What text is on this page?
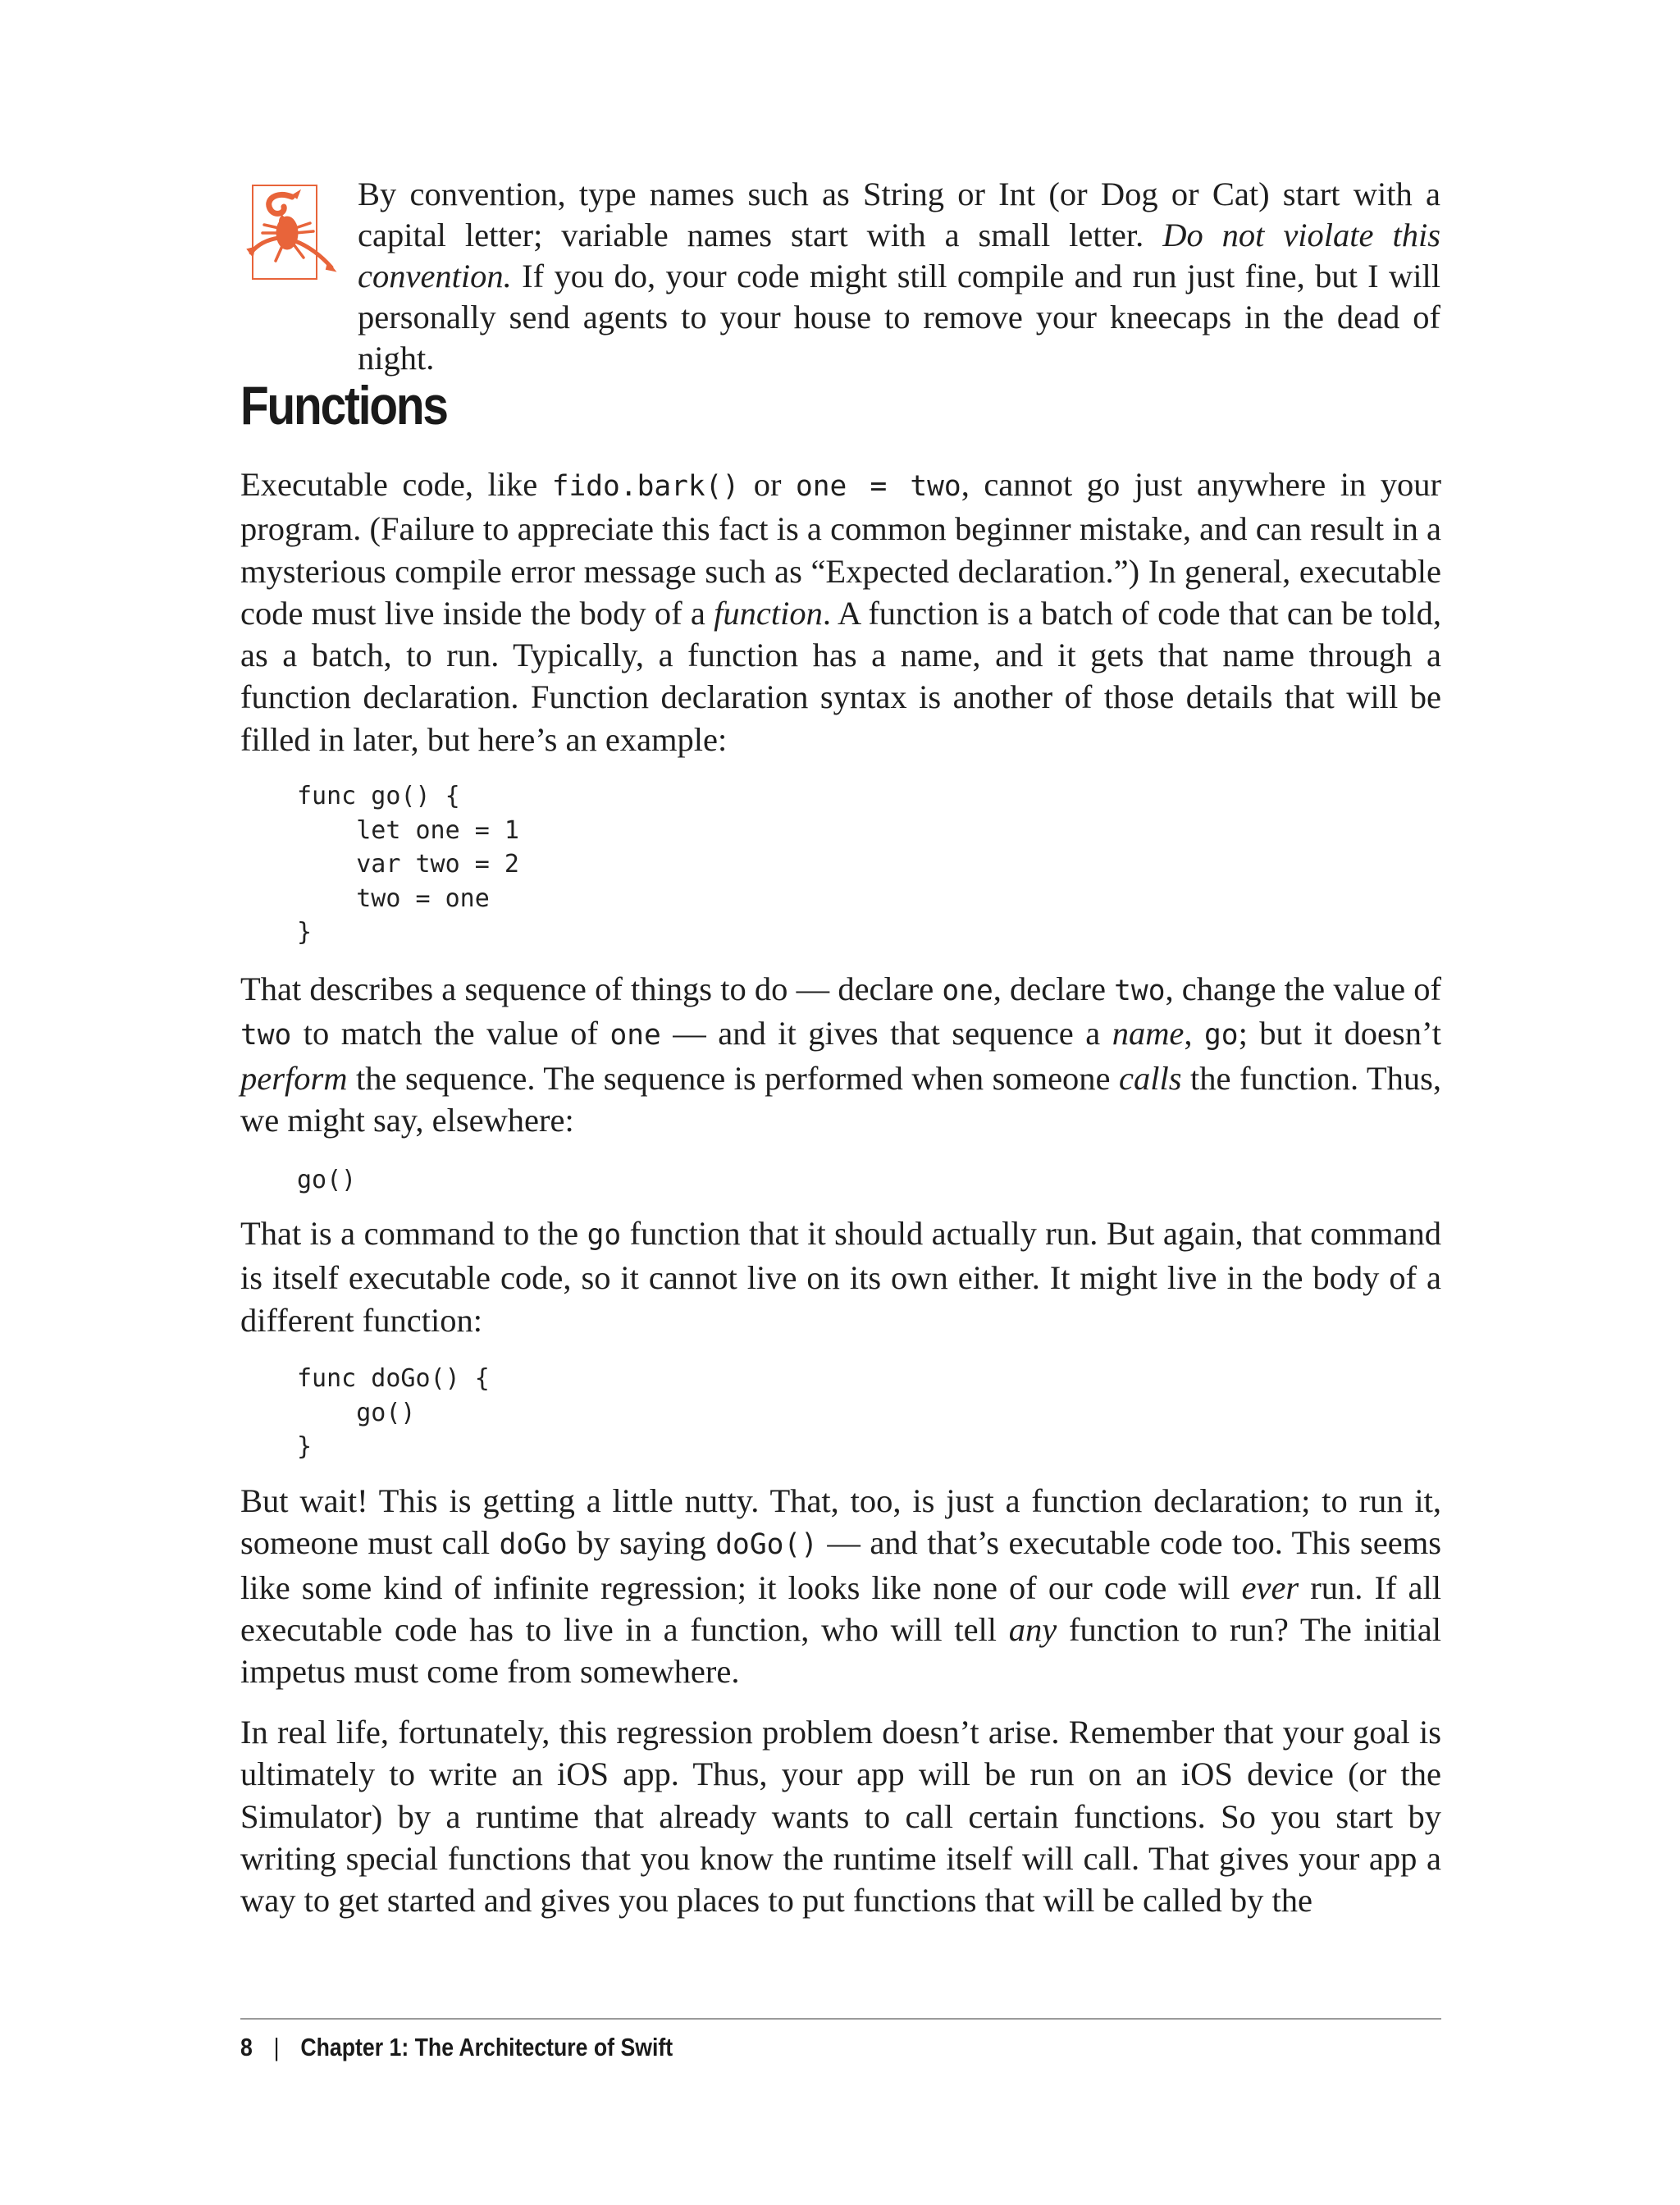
By convention, type names such as String or Int (or Dog or Cat) start with a capital letter; variable names start with a small letter. Do not violate this convention. If you do, your code might still compile and run just fine, but I will personally send agents to your house to remove your kneecaps in the dead of night.

Functions

Executable code, like fido.bark() or one = two, cannot go just anywhere in your program. (Failure to appreciate this fact is a common beginner mistake, and can result in a mysterious compile error message such as “Expected declaration.”) In general, executable code must live inside the body of a function. A function is a batch of code that can be told, as a batch, to run. Typically, a function has a name, and it gets that name through a function declaration. Function declaration syntax is another of those details that will be filled in later, but here’s an example:

func go() {
let one = 1
var two = 2
two = one
}

That describes a sequence of things to do — declare one, declare two, change the value of two to match the value of one — and it gives that sequence a name, go; but it doesn’t perform the sequence. The sequence is performed when someone calls the function. Thus, we might say, elsewhere:

go()

That is a command to the go function that it should actually run. But again, that command is itself executable code, so it cannot live on its own either. It might live in the body of a different function:

func doGo() {
go()
}

But wait! This is getting a little nutty. That, too, is just a function declaration; to run it, someone must call doGo by saying doGo() — and that’s executable code too. This seems like some kind of infinite regression; it looks like none of our code will ever run. If all executable code has to live in a function, who will tell any function to run? The initial impetus must come from somewhere.

In real life, fortunately, this regression problem doesn’t arise. Remember that your goal is ultimately to write an iOS app. Thus, your app will be run on an iOS device (or the Simulator) by a runtime that already wants to call certain functions. So you start by writing special functions that you know the runtime itself will call. That gives your app a way to get started and gives you places to put functions that will be called by the

8 | Chapter 1: The Architecture of Swift
